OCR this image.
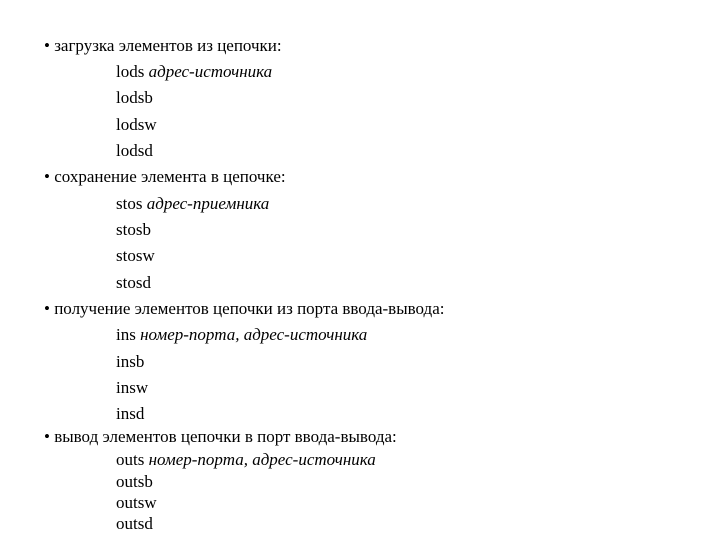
• загрузка элементов из цепочки:
lods адрес-источника
lodsb
lodsw
lodsd
• сохранение элемента в цепочке:
stos адрес-приемника
stosb
stosw
stosd
• получение элементов цепочки из порта ввода-вывода:
ins номер-порта, адрес-источника
insb
insw
insd
• вывод элементов цепочки в порт ввода-вывода:
outs номер-порта, адрес-источника
outsb
outsw
outsd
